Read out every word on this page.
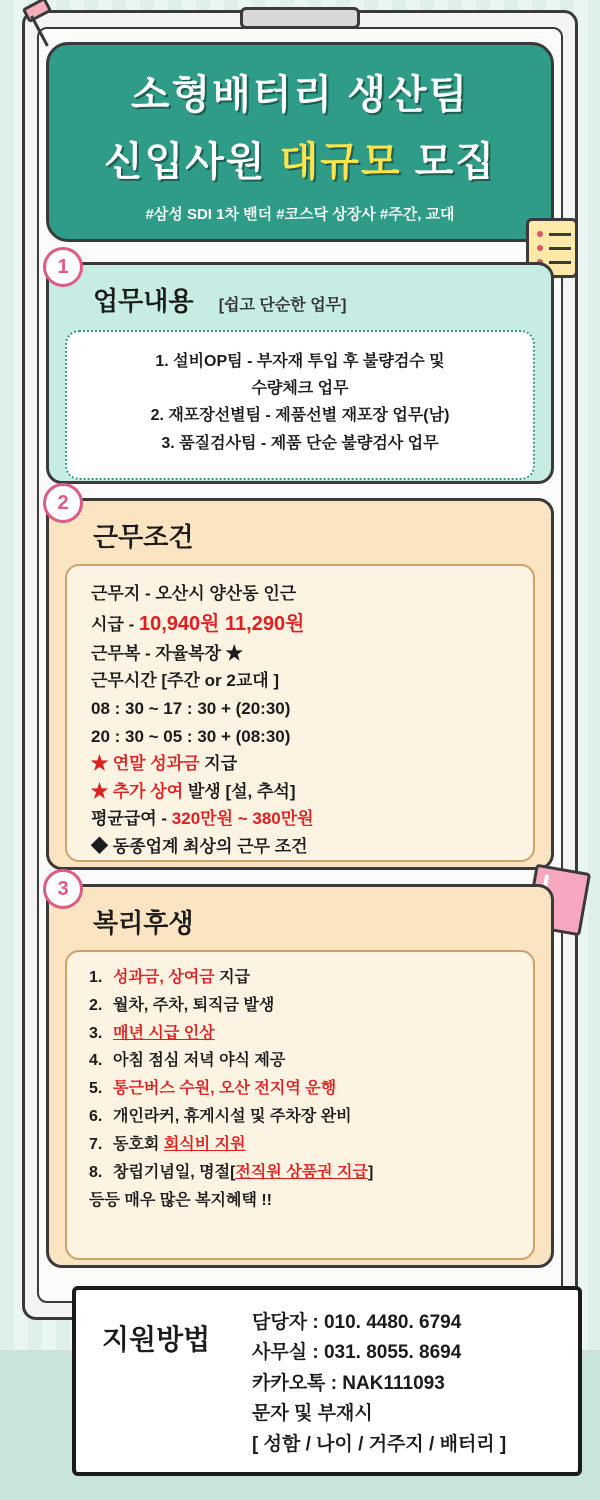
소형배터리 생산팀
신입사원 대규모 모집
#삼성 SDI 1차 밴더 #코스닥 상장사 #주간, 교대
1
업무내용 [쉽고 단순한 업무]
1. 설비OP팀 - 부자재 투입 후 불량검수 및
수량체크 업무
2. 재포장선별팀 - 제품선별 재포장 업무(남)
3. 품질검사팀 - 제품 단순 불량검사 업무
2
근무조건
근무지 - 오산시 양산동 인근
시급 - 10,940원 11,290원
근무복 - 자율복장 ★
근무시간 [주간 or 2교대 ]
08 : 30 ~ 17 : 30 + (20:30)
20 : 30 ~ 05 : 30 + (08:30)
★ 연말 성과금 지급
★ 추가 상여 발생 [설, 추석]
평균급여 - 320만원 ~ 380만원
◆ 동종업계 최상의 근무 조건
3
복리후생
1. 성과금, 상여금 지급
2. 월차, 주차, 퇴직금 발생
3. 매년 시급 인상
4. 아침 점심 저녁 야식 제공
5. 통근버스 수원, 오산 전지역 운행
6. 개인라커, 휴게시설 및 주차장 완비
7. 동호회 회식비 지원
8. 창립기념일, 명절[전직원 상품권 지급]
등등 매우 많은 복지혜택 !!
지원방법
담당자 : 010. 4480. 6794
사무실 : 031. 8055. 8694
카카오톡 : NAK111093
문자 및 부재시
[ 성함 / 나이 / 거주지 / 배터리 ]
